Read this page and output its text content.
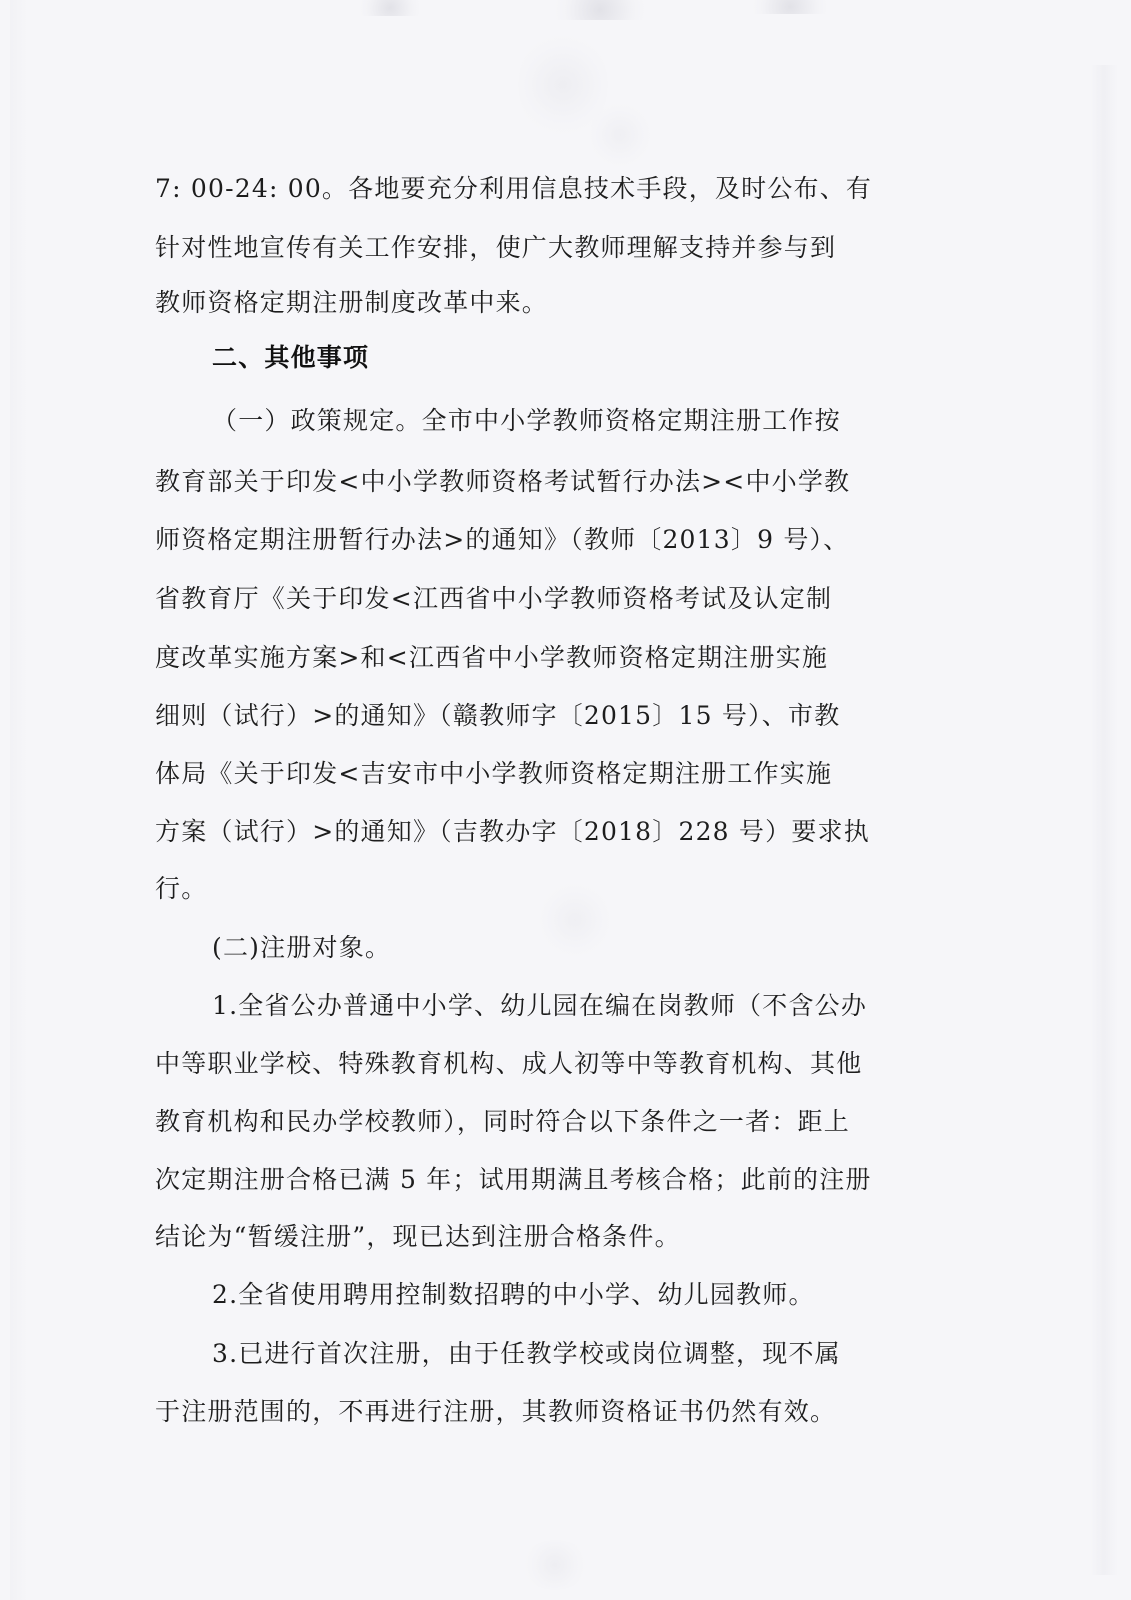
7: 00-24: 00。各地要充分利用信息技术手段，及时公布、有
针对性地宣传有关工作安排，使广大教师理解支持并参与到
教师资格定期注册制度改革中来。
二、其他事项
（一）政策规定。全市中小学教师资格定期注册工作按
教育部关于印发<中小学教师资格考试暂行办法><中小学教
师资格定期注册暂行办法>的通知》（教师〔2013〕9 号）、
省教育厅《关于印发<江西省中小学教师资格考试及认定制
度改革实施方案>和<江西省中小学教师资格定期注册实施
细则（试行）>的通知》（赣教师字〔2015〕15 号）、市教
体局《关于印发<吉安市中小学教师资格定期注册工作实施
方案（试行）>的通知》（吉教办字〔2018〕228 号）要求执
行。
(二)注册对象。
1.全省公办普通中小学、幼儿园在编在岗教师（不含公办
中等职业学校、特殊教育机构、成人初等中等教育机构、其他
教育机构和民办学校教师），同时符合以下条件之一者：距上
次定期注册合格已满 5 年；试用期满且考核合格；此前的注册
结论为“暂缓注册”，现已达到注册合格条件。
2.全省使用聘用控制数招聘的中小学、幼儿园教师。
3.已进行首次注册，由于任教学校或岗位调整，现不属
于注册范围的，不再进行注册，其教师资格证书仍然有效。
